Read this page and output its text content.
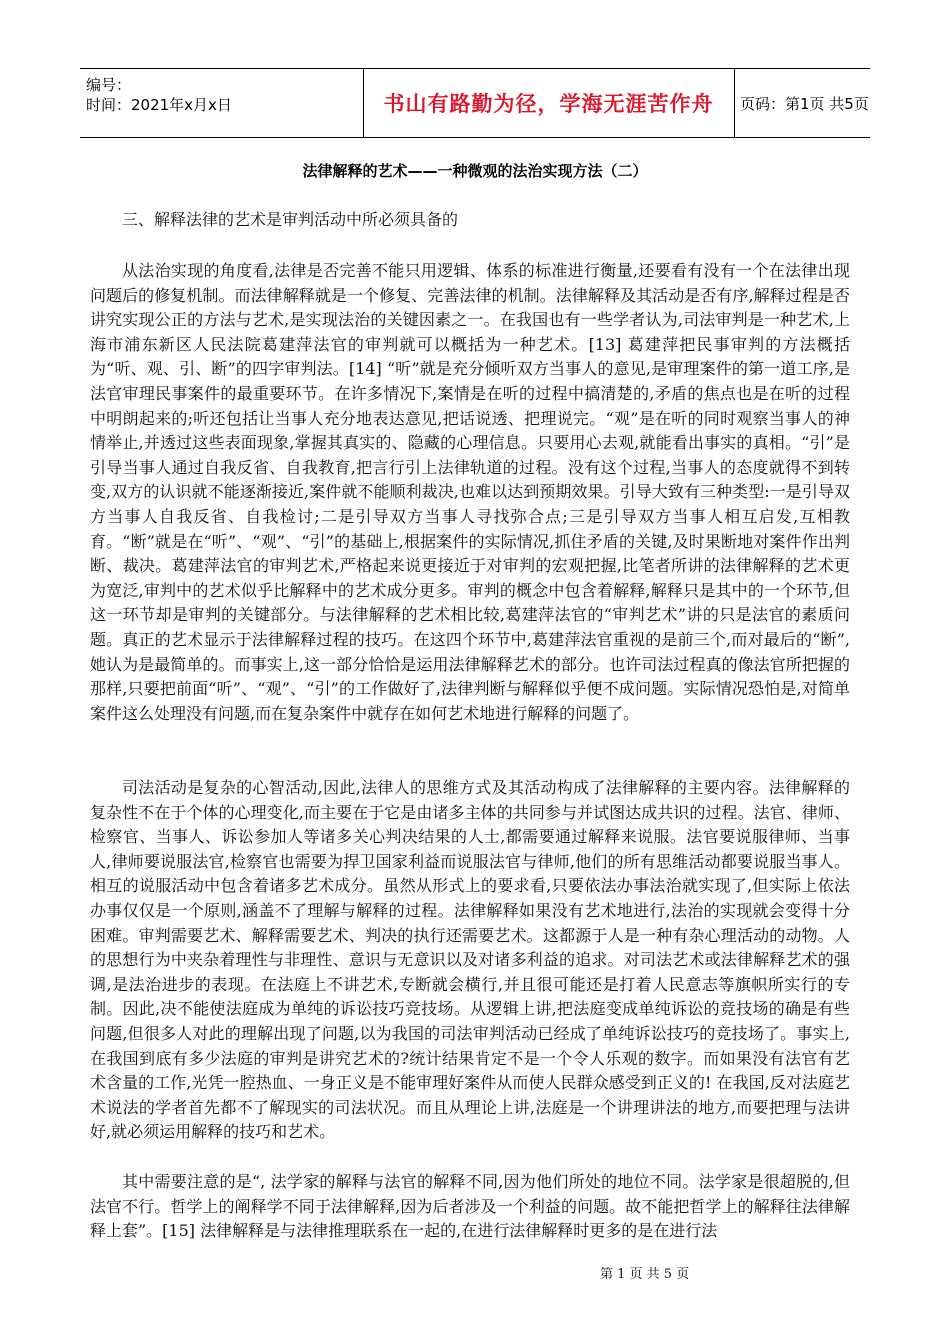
编号：
时间：2021年x月x日	书山有路勤为径，学海无涯苦作舟	页码：第1页 共5页
法律解释的艺术——一种微观的法治实现方法（二）
三、解释法律的艺术是审判活动中所必须具备的

从法治实现的角度看,法律是否完善不能只用逻辑、体系的标准进行衡量,还要看有没有一个在法律出现问题后的修复机制。而法律解释就是一个修复、完善法律的机制。法律解释及其活动是否有序,解释过程是否讲究实现公正的方法与艺术,是实现法治的关键因素之一。在我国也有一些学者认为,司法审判是一种艺术,上海市浦东新区人民法院葛建萍法官的审判就可以概括为一种艺术。[13] 葛建萍把民事审判的方法概括为“听、观、引、断”的四字审判法。[14] “听”就是充分倾听双方当事人的意见,是审理案件的第一道工序,是法官审理民事案件的最重要环节。在许多情况下,案情是在听的过程中搞清楚的,矛盾的焦点也是在听的过程中明朗起来的;听还包括让当事人充分地表达意见,把话说透、把理说完。“观”是在听的同时观察当事人的神情举止,并透过这些表面现象,掌握其真实的、隐藏的心理信息。只要用心去观,就能看出事实的真相。“引”是引导当事人通过自我反省、自我教育,把言行引上法律轨道的过程。没有这个过程,当事人的态度就得不到转变,双方的认识就不能逐渐接近,案件就不能顺利裁决,也难以达到预期效果。引导大致有三种类型:一是引导双方当事人自我反省、自我检讨;二是引导双方当事人寻找弥合点;三是引导双方当事人相互启发,互相教育。“断”就是在“听”、“观”、“引”的基础上,根据案件的实际情况,抓住矛盾的关键,及时果断地对案件作出判断、裁决。葛建萍法官的审判艺术,严格起来说更接近于对审判的宏观把握,比笔者所讲的法律解释的艺术更为宽泛,审判中的艺术似乎比解释中的艺术成分更多。审判的概念中包含着解释,解释只是其中的一个环节,但这一环节却是审判的关键部分。与法律解释的艺术相比较,葛建萍法官的“审判艺术”讲的只是法官的素质问题。真正的艺术显示于法律解释过程的技巧。在这四个环节中,葛建萍法官重视的是前三个,而对最后的“断”,她认为是最简单的。而事实上,这一部分恰恰是运用法律解释艺术的部分。也许司法过程真的像法官所把握的那样,只要把前面“听”、“观”、“引”的工作做好了,法律判断与解释似乎便不成问题。实际情况恐怕是,对简单案件这么处理没有问题,而在复杂案件中就存在如何艺术地进行解释的问题了。

司法活动是复杂的心智活动,因此,法律人的思维方式及其活动构成了法律解释的主要内容。法律解释的复杂性不在于个体的心理变化,而主要在于它是由诸多主体的共同参与并试图达成共识的过程。法官、律师、检察官、当事人、诉讼参加人等诸多关心判决结果的人士,都需要通过解释来说服。法官要说服律师、当事人,律师要说服法官,检察官也需要为捍卫国家利益而说服法官与律师,他们的所有思维活动都要说服当事人。相互的说服活动中包含着诸多艺术成分。虽然从形式上的要求看,只要依法办事法治就实现了,但实际上依法办事仅仅是一个原则,涵盖不了理解与解释的过程。法律解释如果没有艺术地进行,法治的实现就会变得十分困难。审判需要艺术、解释需要艺术、判决的执行还需要艺术。这都源于人是一种有杂心理活动的动物。人的思想行为中夹杂着理性与非理性、意识与无意识以及对诸多利益的追求。对司法艺术或法律解释艺术的强调,是法治进步的表现。在法庭上不讲艺术,专断就会横行,并且很可能还是打着人民意志等旗帜所实行的专制。因此,决不能使法庭成为单纯的诉讼技巧竞技场。从逻辑上讲,把法庭变成单纯诉讼的竞技场的确是有些问题,但很多人对此的理解出现了问题,以为我国的司法审判活动已经成了单纯诉讼技巧的竞技场了。事实上,在我国到底有多少法庭的审判是讲究艺术的?统计结果肯定不是一个令人乐观的数字。而如果没有法官有艺术含量的工作,光凭一腔热血、一身正义是不能审理好案件从而使人民群众感受到正义的! 在我国,反对法庭艺术说法的学者首先都不了解现实的司法状况。而且从理论上讲,法庭是一个讲理讲法的地方,而要把理与法讲好,就必须运用解释的技巧和艺术。

其中需要注意的是“, 法学家的解释与法官的解释不同,因为他们所处的地位不同。法学家是很超脱的,但法官不行。哲学上的阐释学不同于法律解释,因为后者涉及一个利益的问题。故不能把哲学上的解释往法律解释上套”。[15] 法律解释是与法律推理联系在一起的,在进行法律解释时更多的是在进行法

第 1 页 共 5 页
